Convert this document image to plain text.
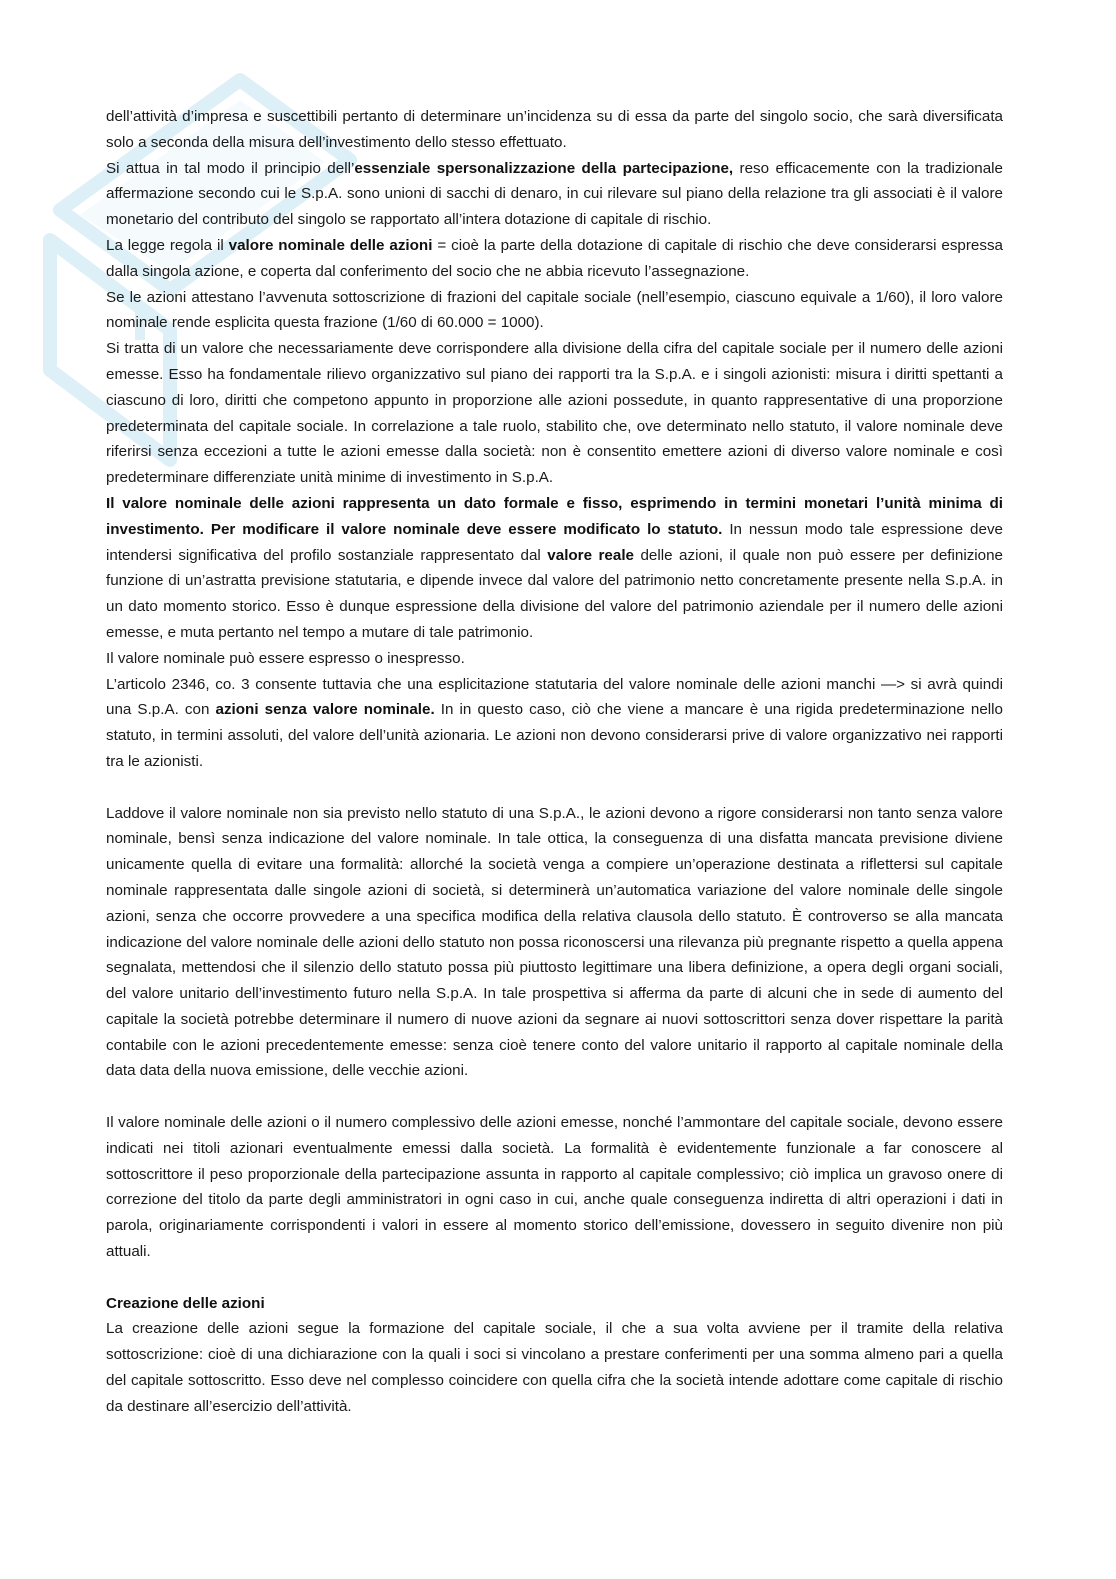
dell’attività d’impresa e suscettibili pertanto di determinare un’incidenza su di essa da parte del singolo socio, che sarà diversificata solo a seconda della misura dell’investimento dello stesso effettuato.

Si attua in tal modo il principio dell’essenziale spersonalizzazione della partecipazione, reso efficacemente con la tradizionale affermazione secondo cui le S.p.A. sono unioni di sacchi di denaro, in cui rilevare sul piano della relazione tra gli associati è il valore monetario del contributo del singolo se rapportato all’intera dotazione di capitale di rischio.

La legge regola il valore nominale delle azioni = cioè la parte della dotazione di capitale di rischio che deve considerarsi espressa dalla singola azione, e coperta dal conferimento del socio che ne abbia ricevuto l’assegnazione.

Se le azioni attestano l’avvenuta sottoscrizione di frazioni del capitale sociale (nell’esempio, ciascuno equivale a 1/60), il loro valore nominale rende esplicita questa frazione (1/60 di 60.000 = 1000).

Si tratta di un valore che necessariamente deve corrispondere alla divisione della cifra del capitale sociale per il numero delle azioni emesse. Esso ha fondamentale rilievo organizzativo sul piano dei rapporti tra la S.p.A. e i singoli azionisti: misura i diritti spettanti a ciascuno di loro, diritti che competono appunto in proporzione alle azioni possedute, in quanto rappresentative di una proporzione predeterminata del capitale sociale. In correlazione a tale ruolo, stabilito che, ove determinato nello statuto, il valore nominale deve riferirsi senza eccezioni a tutte le azioni emesse dalla società: non è consentito emettere azioni di diverso valore nominale e così predeterminare differenziate unità minime di investimento in S.p.A.

Il valore nominale delle azioni rappresenta un dato formale e fisso, esprimendo in termini monetari l’unità minima di investimento. Per modificare il valore nominale deve essere modificato lo statuto. In nessun modo tale espressione deve intendersi significativa del profilo sostanziale rappresentato dal valore reale delle azioni, il quale non può essere per definizione funzione di un’astratta previsione statutaria, e dipende invece dal valore del patrimonio netto concretamente presente nella S.p.A. in un dato momento storico. Esso è dunque espressione della divisione del valore del patrimonio aziendale per il numero delle azioni emesse, e muta pertanto nel tempo a mutare di tale patrimonio.

Il valore nominale può essere espresso o inespresso.

L’articolo 2346, co. 3 consente tuttavia che una esplicitazione statutaria del valore nominale delle azioni manchi —> si avrà quindi una S.p.A. con azioni senza valore nominale. In in questo caso, ciò che viene a mancare è una rigida predeterminazione nello statuto, in termini assoluti, del valore dell’unità azionaria. Le azioni non devono considerarsi prive di valore organizzativo nei rapporti tra le azionisti.

Laddove il valore nominale non sia previsto nello statuto di una S.p.A., le azioni devono a rigore considerarsi non tanto senza valore nominale, bensì senza indicazione del valore nominale. In tale ottica, la conseguenza di una disfatta mancata previsione diviene unicamente quella di evitare una formalità: allorché la società venga a compiere un’operazione destinata a riflettersi sul capitale nominale rappresentata dalle singole azioni di società, si determinerà un’automatica variazione del valore nominale delle singole azioni, senza che occorre provvedere a una specifica modifica della relativa clausola dello statuto. È controverso se alla mancata indicazione del valore nominale delle azioni dello statuto non possa riconoscersi una rilevanza più pregnante rispetto a quella appena segnalata, mettendosi che il silenzio dello statuto possa più piuttosto legittimare una libera definizione, a opera degli organi sociali, del valore unitario dell’investimento futuro nella S.p.A. In tale prospettiva si afferma da parte di alcuni che in sede di aumento del capitale la società potrebbe determinare il numero di nuove azioni da segnare ai nuovi sottoscrittori senza dover rispettare la parità contabile con le azioni precedentemente emesse: senza cioè tenere conto del valore unitario il rapporto al capitale nominale della data data della nuova emissione, delle vecchie azioni.

Il valore nominale delle azioni o il numero complessivo delle azioni emesse, nonché l’ammontare del capitale sociale, devono essere indicati nei titoli azionari eventualmente emessi dalla società. La formalità è evidentemente funzionale a far conoscere al sottoscrittore il peso proporzionale della partecipazione assunta in rapporto al capitale complessivo; ciò implica un gravoso onere di correzione del titolo da parte degli amministratori in ogni caso in cui, anche quale conseguenza indiretta di altri operazioni i dati in parola, originariamente corrispondenti i valori in essere al momento storico dell’emissione, dovessero in seguito divenire non più attuali.

Creazione delle azioni

La creazione delle azioni segue la formazione del capitale sociale, il che a sua volta avviene per il tramite della relativa sottoscrizione: cioè di una dichiarazione con la quali i soci si vincolano a prestare conferimenti per una somma almeno pari a quella del capitale sottoscritto. Esso deve nel complesso coincidere con quella cifra che la società intende adottare come capitale di rischio da destinare all’esercizio dell’attività.
